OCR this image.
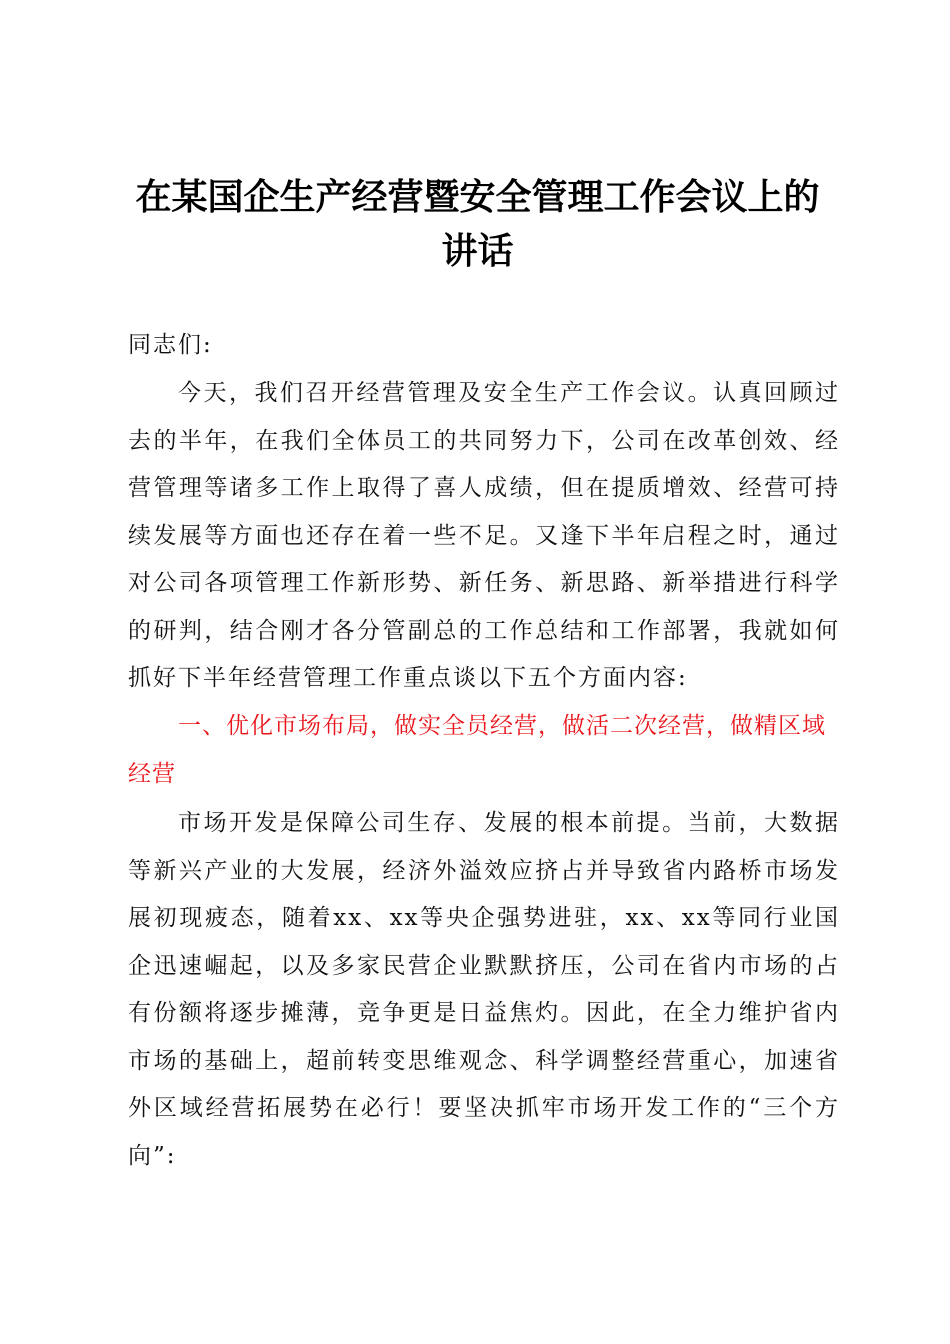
在某国企生产经营暨安全管理工作会议上的讲话

同志们:

今天，我们召开经营管理及安全生产工作会议。认真回顾过去的半年，在我们全体员工的共同努力下，公司在改革创效、经营管理等诸多工作上取得了喜人成绩，但在提质增效、经营可持续发展等方面也还存在着一些不足。又逢下半年启程之时，通过对公司各项管理工作新形势、新任务、新思路、新举措进行科学的研判，结合刚才各分管副总的工作总结和工作部署，我就如何抓好下半年经营管理工作重点谈以下五个方面内容:

一、优化市场布局，做实全员经营，做活二次经营，做精区域经营

市场开发是保障公司生存、发展的根本前提。当前，大数据等新兴产业的大发展，经济外溢效应挤占并导致省内路桥市场发展初现疲态，随着xx、xx等央企强势进驻，xx、xx等同行业国企迅速崛起，以及多家民营企业默默挤压，公司在省内市场的占有份额将逐步摊薄，竞争更是日益焦灼。因此，在全力维护省内市场的基础上，超前转变思维观念、科学调整经营重心，加速省外区域经营拓展势在必行！要坚决抓牢市场开发工作的“三个方向”:
